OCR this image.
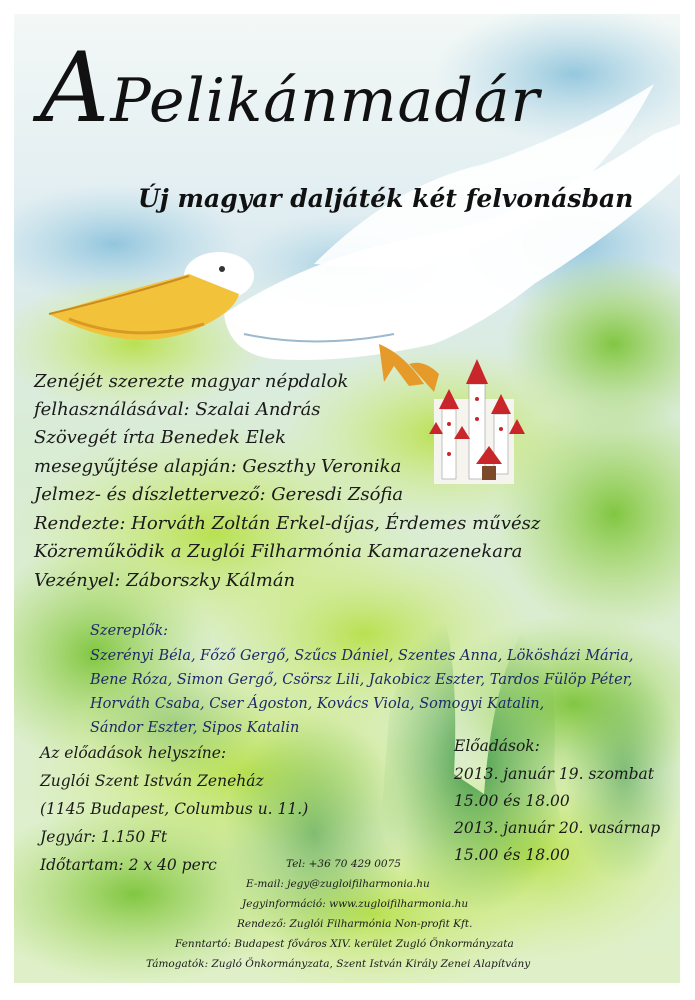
APelikánmadár
Új magyar daljáték két felvonásban
Zenéjét szerezte magyar népdalok
felhasználásával: Szalai András
Szövegét írta Benedek Elek
mesegyűjtése alapján: Geszthy Veronika
Jelmez- és díszlettervező: Geresdi Zsófia
Rendezte: Horváth Zoltán Erkel-díjas, Érdemes művész
Közreműködik a Zuglói Filharmónia Kamarazenekara
Vezényel: Záborszky Kálmán
Szereplők:
Szerényi Béla, Főző Gergő, Szűcs Dániel, Szentes Anna, Lökösházi Mária,
Bene Róza, Simon Gergő, Csörsz Lili, Jakobicz Eszter, Tardos Fülöp Péter,
Horváth Csaba, Cser Ágoston, Kovács Viola, Somogyi Katalin,
Sándor Eszter, Sipos Katalin
Az előadások helyszíne:
Zuglói Szent István Zeneház
(1145 Budapest, Columbus u. 11.)
Jegyár: 1.150 Ft
Időtartam: 2 x 40 perc
Előadások:
2013. január 19. szombat
15.00 és 18.00
2013. január 20. vasárnap
15.00 és 18.00
Tel: +36 70 429 0075
E-mail: jegy@zugloifilharmonia.hu
Jegyinformáció: www.zugloifilharmonia.hu
Rendező: Zuglói Filharmónia Non-profit Kft.
Fenntartó: Budapest főváros XIV. kerület Zugló Önkormányzata
Támogatók: Zugló Önkormányzata, Szent István Király Zenei Alapítvány
